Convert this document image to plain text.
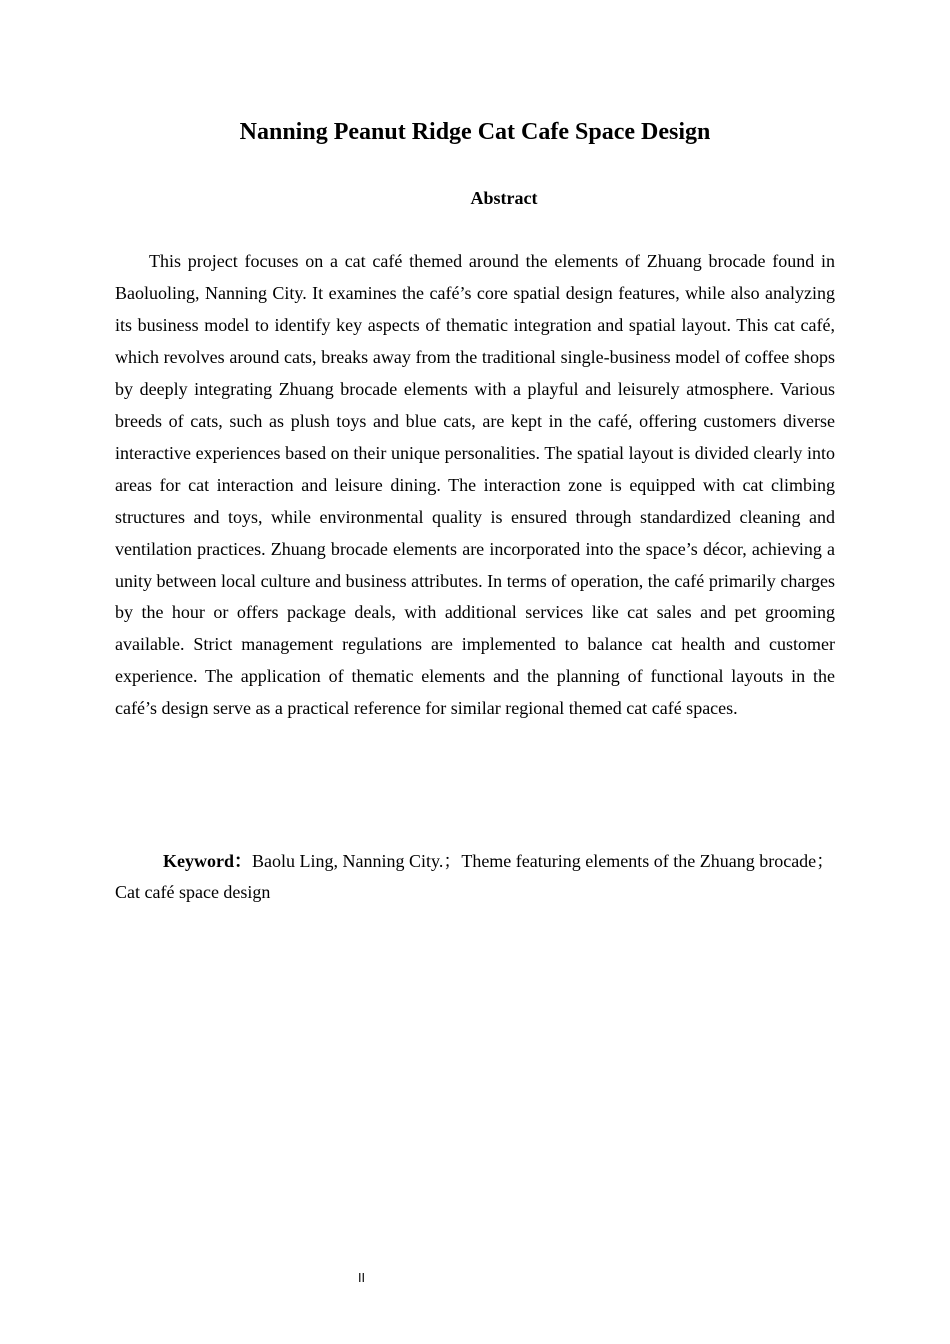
Nanning Peanut Ridge Cat Cafe Space Design
Abstract

This project focuses on a cat café themed around the elements of Zhuang brocade found in Baoluoling, Nanning City. It examines the café’s core spatial design features, while also analyzing its business model to identify key aspects of thematic integration and spatial layout. This cat café, which revolves around cats, breaks away from the traditional single-business model of coffee shops by deeply integrating Zhuang brocade elements with a playful and leisurely atmosphere. Various breeds of cats, such as plush toys and blue cats, are kept in the café, offering customers diverse interactive experiences based on their unique personalities. The spatial layout is divided clearly into areas for cat interaction and leisure dining. The interaction zone is equipped with cat climbing structures and toys, while environmental quality is ensured through standardized cleaning and ventilation practices. Zhuang brocade elements are incorporated into the space’s décor, achieving a unity between local culture and business attributes. In terms of operation, the café primarily charges by the hour or offers package deals, with additional services like cat sales and pet grooming available. Strict management regulations are implemented to balance cat health and customer experience. The application of thematic elements and the planning of functional layouts in the café’s design serve as a practical reference for similar regional themed cat café spaces.

Keyword：Baolu Ling, Nanning City.；Theme featuring elements of the Zhuang brocade；Cat café space design

II
